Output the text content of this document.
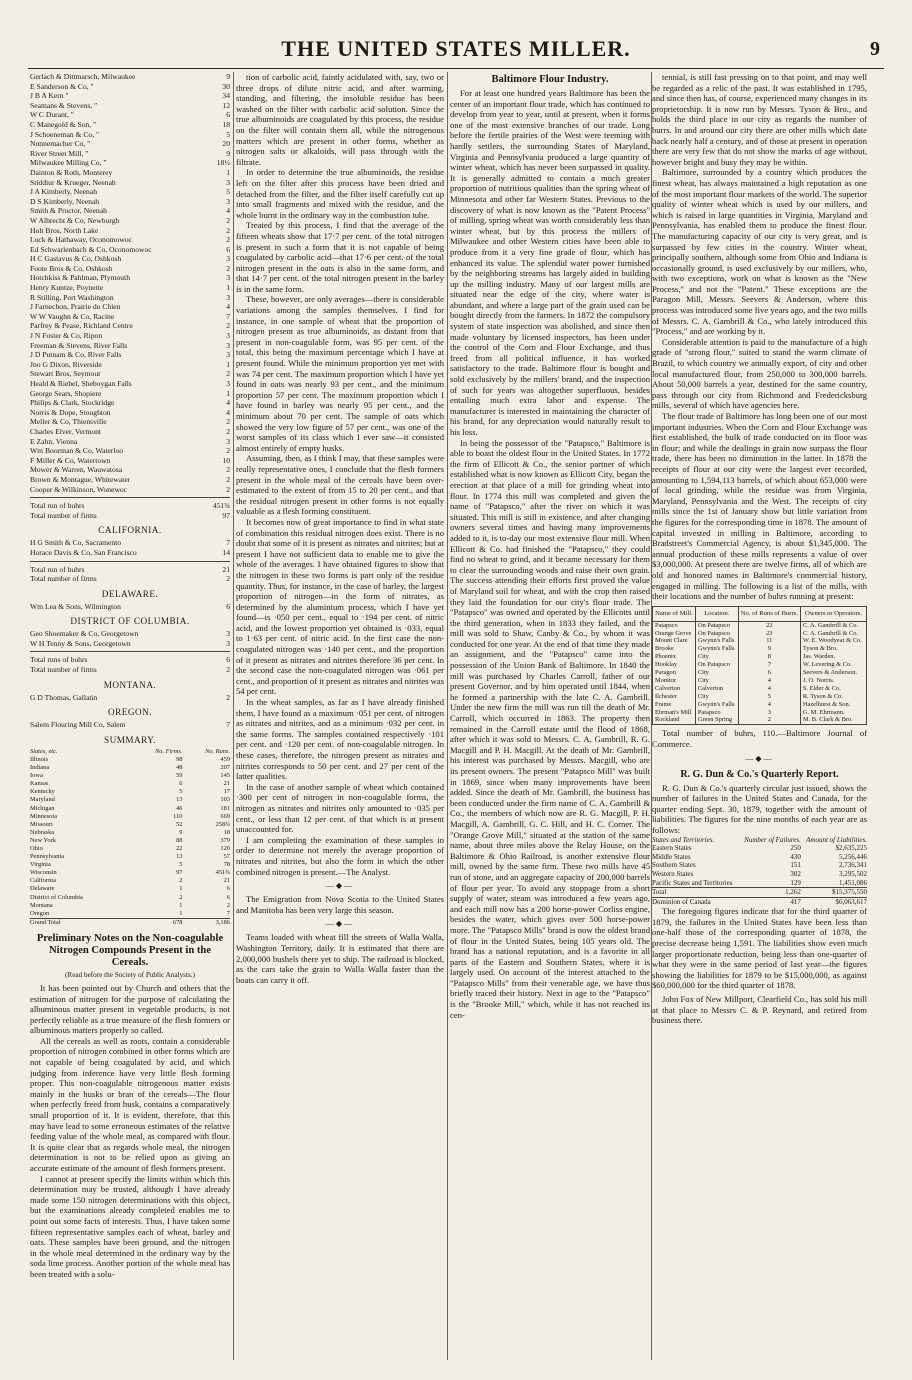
THE UNITED STATES MILLER.	9
Gerlach & Dittmarsch, Milwaukee	9
E Sanderson & Co, "	30
J B A Kern "	34
Seamans & Stevens, "	12
W C Durant, "	6
C Manegold & Son, "	18
J Schoeneman & Co, "	5
Nunnemacher Co, "	20
River Street Mill, "	9
Milwaukee Milling Co, "	18½
Dainton & Roth, Monterey	1
Stiddiur & Krueger, Neenah	3
J A Kimberly, Neenah	5
D S Kimberly, Neenah	3
Smith & Proctor, Neenah	4
W Albrecht & Co, Newburgh	2
Holt Bros, North Lake	2
Luck & Hathaway, Oconomowoc	2
Ed Schwarlenbach & Co, Oconomowoc	6
H C Gastavus & Co, Oshkosh	3
Foote Bros & Co, Oshkosh	2
Hotchkiss & Pahlman, Plymouth	3
Henry Kuntze, Poynette	1
R Stilling, Port Washington	3
J Farnechon, Prairie du Chien	4
W W Vaughn & Co, Racine	7
Parfrey & Pease, Richland Centre	2
J N Foster & Co, Ripon	3
Freeman & Stevens, River Falls	3
J D Putnam & Co, River Falls	3
Jno G Dixon, Riverside	1
Stewart Bros, Seymour	2
Heald & Riebel, Sheboygan Falls	3
George Sears, Shopiere	1
Philips & Clark, Stockridge	4
Norris & Dope, Stoughton	4
Meller & Co, Thiensville	2
Charles Elver, Vermont	2
E Zahn, Vienna	3
Wm Boorman & Co, Waterloo	2
F Miller & Co, Watertown	10
Mower & Warren, Wauwatosa	2
Brown & Montague, Whitewater	2
Cooper & Wilkinson, Wonewoc	2
Total run of buhrs	451¾
Total number of firms	97
CALIFORNIA.
H G Smith & Co, Sacramento	7
Horace Davis & Co, San Francisco	14
Total run of buhrs	21
Total number of firms	2
DELAWARE.
Wm Lea & Sons, Wilmington	6
DISTRICT OF COLUMBIA.
Geo Shoemaker & Co, Georgetown	3
W H Tenny & Sons, Georgetown	3
Total runs of buhrs	6
Total number of firms	2
MONTANA.
G D Thomas, Gallatin	2
OREGON.
Salem Flouring Mill Co, Salem	7
SUMMARY.
States, etc.	No. Firms.	No. Runs.
Illinois	98	459
Indiana	48	207
Iowa	59	145
Kansas	6	21
Kentucky	5	17
Maryland	13	103
Michigan	46	181
Minnesota	110	669
Missouri	52	258¾
Nebraska	9	18
New York	88	379
Ohio	22	120
Pennsylvania	13	57
Virginia	5	78
Wisconsin	97	451¾
California	2	21
Delaware	1	6
District of Columbia	2	6
Montana	1	2
Oregon	1	7
Grand Total	678	3,186
Preliminary Notes on the Non-coagulable Nitrogen Compounds Present in the Cereals.
(Read before the Society of Public Analysts.)

It has been pointed out by Church and others that the estimation of nitrogen for the purpose of calculating the albuminous matter present in vegetable products, is not perfectly reliable as a true measure of the flesh formers or albuminous matters properly so called.

All the cereals as well as roots, contain a considerable proportion of nitrogen combined in other forms which are not capable of being coagulated by acid, and which judging from inference have very little flesh forming proper. This non-coagulable nitrogenous matter exists mainly in the husks or bran of the cereals—The flour when perfectly freed from husk, contains a comparatively small proportion of it. It is evident, therefore, that this may have lead to some erroneous estimates of the relative feeding value of the whole meal, as compared with flour. It is quite clear that as regards whole meal, the nitrogen determination is not to be relied upon as giving an accurate estimate of the amount of flesh formers present.

I cannot at present specify the limits within which this determination may be trusted, although I have already made some 150 nitrogen determinations with this object, but the examinations already completed enables me to point out some facts of interests. Thus, I have taken some fifteen representative samples each of wheat, barley and oats. These samples have been ground, and the nitrogen in the whole meal determined in the ordinary way by the soda lime process. Another portion of the whole meal has been treated with a solu-

tion of carbolic acid, faintly acidulated with, say, two or three drops of dilute nitric acid, and after warming, standing, and filtering, the insoluble residue has been washed on the filter with carbolic acid solution. Since the true albuminoids are coagulated by this process, the residue on the filter will contain them all, while the nitrogenous matters which are present in other forms, whether as nitrogen salts or alkaloids, will pass through with the filtrate.

In order to determine the true albuminoids, the residue left on the filter after this process have been dried and detached from the filter, and the filter itself carefully cut up into small fragments and mixed with the residue, and the whole burnt in the ordinary way in the combustion tube.

Treated by this process, I find that the average of the fifteen wheats show that 17·7 per cent. of the total nitrogen is present in such a form that it is not capable of being coagulated by carbolic acid—that 17·6 per cent. of the total nitrogen present in the oats is also in the same form, and that 14·7 per cent. of the total nitrogen present in the barley is in the same form.

These, however, are only averages—there is considerable variations among the samples themselves. I find for instance, in one sample of wheat that the proportion of nitrogen present as true albuminoids, as distant from that present in non-coagulable form, was 95 per cent. of the total, this being the maximum percentage which I have at present found. While the minimum proportion yet met with was 74 per cent. The maximum proportion which I have yet found in oats was nearly 93 per cent., and the minimum proportion 57 per cent. The maximum proportion which I have found in barley was nearly 95 per cent., and the minimum about 70 per cent. The sample of oats which showed the very low figure of 57 per cent., was one of the worst samples of its class which I ever saw—it consisted almost entirely of empty husks.

Assuming, then, as I think I may, that these samples were really representative ones, I conclude that the flesh formers present in the whole meal of the cereals have been over-estimated to the extent of from 15 to 20 per cent., and that the residual nitrogen present in other forms is not equally valuable as a flesh forming constituent.

It becomes now of great importance to find in what state of combination this residual nitrogen does exist. There is no doubt that some of it is present as nitrates and nitrites; but at present I have not sufficient data to enable me to give the whole of the averages. I have obtained figures to show that the nitrogen in these two forms is part only of the residue quantity. Thus, for instance, in the case of barley, the largest proportion of nitrogen—in the form of nitrates, as determined by the aluminium process, which I have yet found—is ·050 per cent., equal to ·194 per cent. of nitric acid, and the lowest proportion yet obtained is ·033, equal to 1·63 per cent. of nitric acid. In the first case the non-coagulated nitrogen was ·140 per cent., and the proportion of it present as nitrates and nitrites therefore 36 per cent. In the second case the non-coagulated nitrogen was ·061 per cent., and proportion of it present as nitrates and nitrites was 54 per cent.

In the wheat samples, as far as I have already finished them, I have found as a maximum ·051 per cent. of nitrogen as nitrates and nitrites, and as a minimum ·032 per cent. in the same forms. The samples contained respectively ·101 per cent. and ·120 per cent. of non-coagulable nitrogen. In these cases, therefore, the nitrogen present as nitrates and nitrites corresponds to 50 per cent. and 27 per cent of the latter qualities.

In the case of another sample of wheat which contained ·300 per cent of nitrogen in non-coagulable forms, the nitrogen as nitrates and nitrites only amounted to ·035 per cent., or less than 12 per cent. of that which is at present unaccounted for.

I am completing the examination of these samples in order to determine not merely the average proportion of nitrates and nitrites, but also the form in which the other combined nitrogen is present.—The Analyst.

—◆—

The Emigration from Nova Scotia to the United States and Manitoba has been very large this season.

—◆—

Teams loaded with wheat fill the streets of Walla Walla, Washington Territory, daily. It is estimated that there are 2,000,000 bushels there yet to ship. The railroad is blocked, as the cars take the grain to Walla Walla faster than the boats can carry it off.

Baltimore Flour Industry.

For at least one hundred years Baltimore has been the center of an important flour trade, which has continued to develop from year to year, until at present, when it forms one of the most extensive branches of our trade. Long before the fertile prairies of the West were teeming with hardly settlers, the surrounding States of Maryland, Virginia and Pennsylvania produced a large quantity of winter wheat, which has never been surpassed in quality. It is generally admitted to contain a much greater proportion of nutritious qualities than the spring wheat of Minnesota and other far Western States. Previous to the discovery of what is now known as the "Patent Process" of milling, spring wheat was worth considerably less than winter wheat, but by this process the millers of Milwaukee and other Western cities have been able to produce from it a very fine grade of flour, which has enhanced its value. The splendid water power furnished by the neighboring streams has largely aided in building up the milling industry. Many of our largest mills are situated near the edge of the city, where water is abundant, and where a large part of the grain used can be bought directly from the farmers. In 1872 the compulsory system of state inspection was abolished, and since then made voluntary by licensed inspectors, has been under the control of the Corn and Flour Exchange, and thus freed from all political influence, it has worked satisfactory to the trade. Baltimore flour is bought and sold exclusively by the millers' brand, and the inspection of such for years was altogether superfluous, besides entailing much extra labor and expense. The manufacturer is interested in maintaining the character of his brand, for any depreciation would naturally result to his loss.

In being the possessor of the "Patapsco," Baltimore is able to boast the oldest flour in the United States. In 1772 the firm of Ellicott & Co., the senior partner of which established what is now known as Ellicott City, began the erection at that place of a mill for grinding wheat into flour. In 1774 this mill was completed and given the name of "Patapsco," after the river on which it was situated. This mill is still in existence, and after changing owners several times and having many improvements added to it, is to-day our most extensive flour mill. When Ellicott & Co. had finished the "Patapsco," they could find no wheat to grind, and it became necessary for them to clear the surrounding woods and raise their own grain. The success attending their efforts first proved the value of Maryland soil for wheat, and with the crop then raised they laid the foundation for our city's flour trade. The "Patapsco" was owned and operated by the Ellicotts until the third generation, when in 1833 they failed, and the mill was sold to Shaw, Canby & Co., by whom it was conducted for one year. At the end of that time they made an assignment, and the "Patapsco" came into the possession of the Union Bank of Baltimore. In 1840 the mill was purchased by Charles Carroll, father of our present Governor, and by him operated until 1844, when he formed a partnership with the late C. A. Gambrill. Under the new firm the mill was run till the death of Mr. Carroll, which occurred in 1863. The property then remained in the Carroll estate until the flood of 1868, after which it was sold to Messrs. C. A. Gambrill, R. G. Macgill and P. H. Macgill. At the death of Mr. Gambrill, his interest was purchased by Messrs. Macgill, who are its present owners. The present "Patapsco Mill" was built in 1869, since when many improvements have been added. Since the death of Mr. Gambrill, the business has been conducted under the firm name of C. A. Gambrill & Co., the members of which now are R. G. Macgill, P. H. Macgill, A. Gambrill, G. C. Hill, and H. C. Corner. The "Orange Grove Mill," situated at the station of the same name, about three miles above the Relay House, on the Baltimore & Ohio Railroad, is another extensive flour mill, owned by the same firm. These two mills have 45 run of stone, and an aggregate capacity of 200,000 barrels of flour per year. To avoid any stoppage from a short supply of water, steam was introduced a few years ago, and each mill now has a 200 horse-power Corliss engine, besides the water, which gives over 500 horse-power more. The "Patapsco Mills" brand is now the oldest brand of flour in the United States, being 105 years old. The brand has a national reputation, and is a favorite in all parts of the Eastern and Southern States, where it is largely used. On account of the interest attached to the "Patapsco Mills" from their venerable age, we have thus briefly traced their history. Next in age to the "Patapsco" is the "Brooke Mill," which, while it has not reached its cen-

tennial, is still fast pressing on to that point, and may well be regarded as a relic of the past. It was established in 1795, and since then has, of course, experienced many changes in its proprietorship. It is now run by Messrs. Tyson & Bro., and holds the third place in our city as regards the number of burrs. In and around our city there are other mills which date back nearly half a century, and of those at present in operation there are very few that do not show the marks of age without, however bright and busy they may be within.

Baltimore, surrounded by a country which produces the finest wheat, has always maintained a high reputation as one of the most important flour markets of the world. The superior quality of winter wheat which is used by our millers, and which is raised in large quantities in Virginia, Maryland and Pennsylvania, has enabled them to produce the finest flour. The manufacturing capacity of our city is very great, and is surpassed by few cities in the country. Winter wheat, principally southern, although some from Ohio and Indiana is occasionally ground, is used exclusively by our millers, who, with two exceptions, work on what is known as the "New Process," and not the "Patent." These exceptions are the Paragon Mill, Messrs. Seevers & Anderson, where this process was introduced some five years ago, and the two mills of Messrs. C. A. Gambrill & Co., who lately introduced this "Process," and are working by it.

Considerable attention is paid to the manufacture of a high grade of "strong flour," suited to stand the warm climate of Brazil, to which country we annually export, of city and other local manufactured flour, from 250,000 to 300,000 barrels. About 50,000 barrels a year, destined for the same country, pass through our city from Richmond and Fredericksburg mills, several of which have agencies here.

The flour trade of Baltimore has long been one of our most important industries. When the Corn and Flour Exchange was first established, the bulk of trade conducted on its floor was in flour; and while the dealings in grain now surpass the flour trade, there has been no diminution in the latter. In 1878 the receipts of flour at our city were the largest ever recorded, amounting to 1,594,113 barrels, of which about 653,000 were of local grinding, while the residue was from Virginia, Maryland, Pennsylvania and the West. The receipts of city mills since the 1st of January show but little variation from the figures for the corresponding time in 1878. The amount of capital invested in milling in Baltimore, according to Bradstreet's Commercial Agency, is about $1,345,000. The annual production of these mills represents a value of over $3,000,000. At present there are twelve firms, all of which are old and honored names in Baltimore's commercial history, engaged in milling. The following is a list of the mills, with their locations and the number of buhrs running at present:

Name of Mill.	Location.	No. of Runs of Burrs.	Owners or Operators.
Patapsco	On Patapsco	22	C. A. Gambrill & Co.
Orange Grove	On Patapsco	23	C. A. Gambrill & Co.
Mount Clare	Gwynn's Falls	11	W. E. Woodyear & Co.
Brooke	Gwynn's Falls	9	Tyson & Bro.
Phoenix	City	8	Jas. Warden.
Hooklay	On Patapsco	7	W. Levering & Co.
Paragon	City	6	Seevers & Anderson.
Monitor	City	4	J. O. Norris.
Calverton	Calverton	4	S. Elder & Co.
Ilchester	City	5	R. Tyson & Co.
Frame	Gwynn's Falls	4	Hazelhurst & Son.
Ehrman's Mill	Patapsco	3	G. M. Ehrmann.
Rockland	Green Spring	2	M. B. Clark & Bro.

Total number of buhrs, 110.—Baltimore Journal of Commerce.

—◆—
R. G. Dun & Co.'s Quarterly Report.

R. G. Dun & Co.'s quarterly circular just issued, shows the number of failures in the United States and Canada, for the quarter ending Sept. 30, 1879, together with the amount of liabilities. The figures for the nine months of each year are as follows:

States and Territories.	Number of Failures.	Amount of Liabilities.
Eastern States	250	$2,635,225
Middle States	430	5,256,446
Southern States	151	2,736,341
Western States	302	3,295,502
Pacific States and Territories	129	1,451,086
Total	1,262	$15,375,550
Dominion of Canada	417	$6,063,617

The foregoing figures indicate that for the third quarter of 1879, the failures in the United States have been less than one-half those of the corresponding quarter of 1878, the precise decrease being 1,591. The liabilities show even much larger proportionate reduction, being less than one-quarter of what they were in the same period of last year—the figures showing the liabilities for 1879 to be $15,000,000, as against $60,000,000 for the third quarter of 1878.

John Fox of New Millport, Clearfield Co., has sold his mill at that place to Messrs C. & P. Reynard, and retired from business there.
